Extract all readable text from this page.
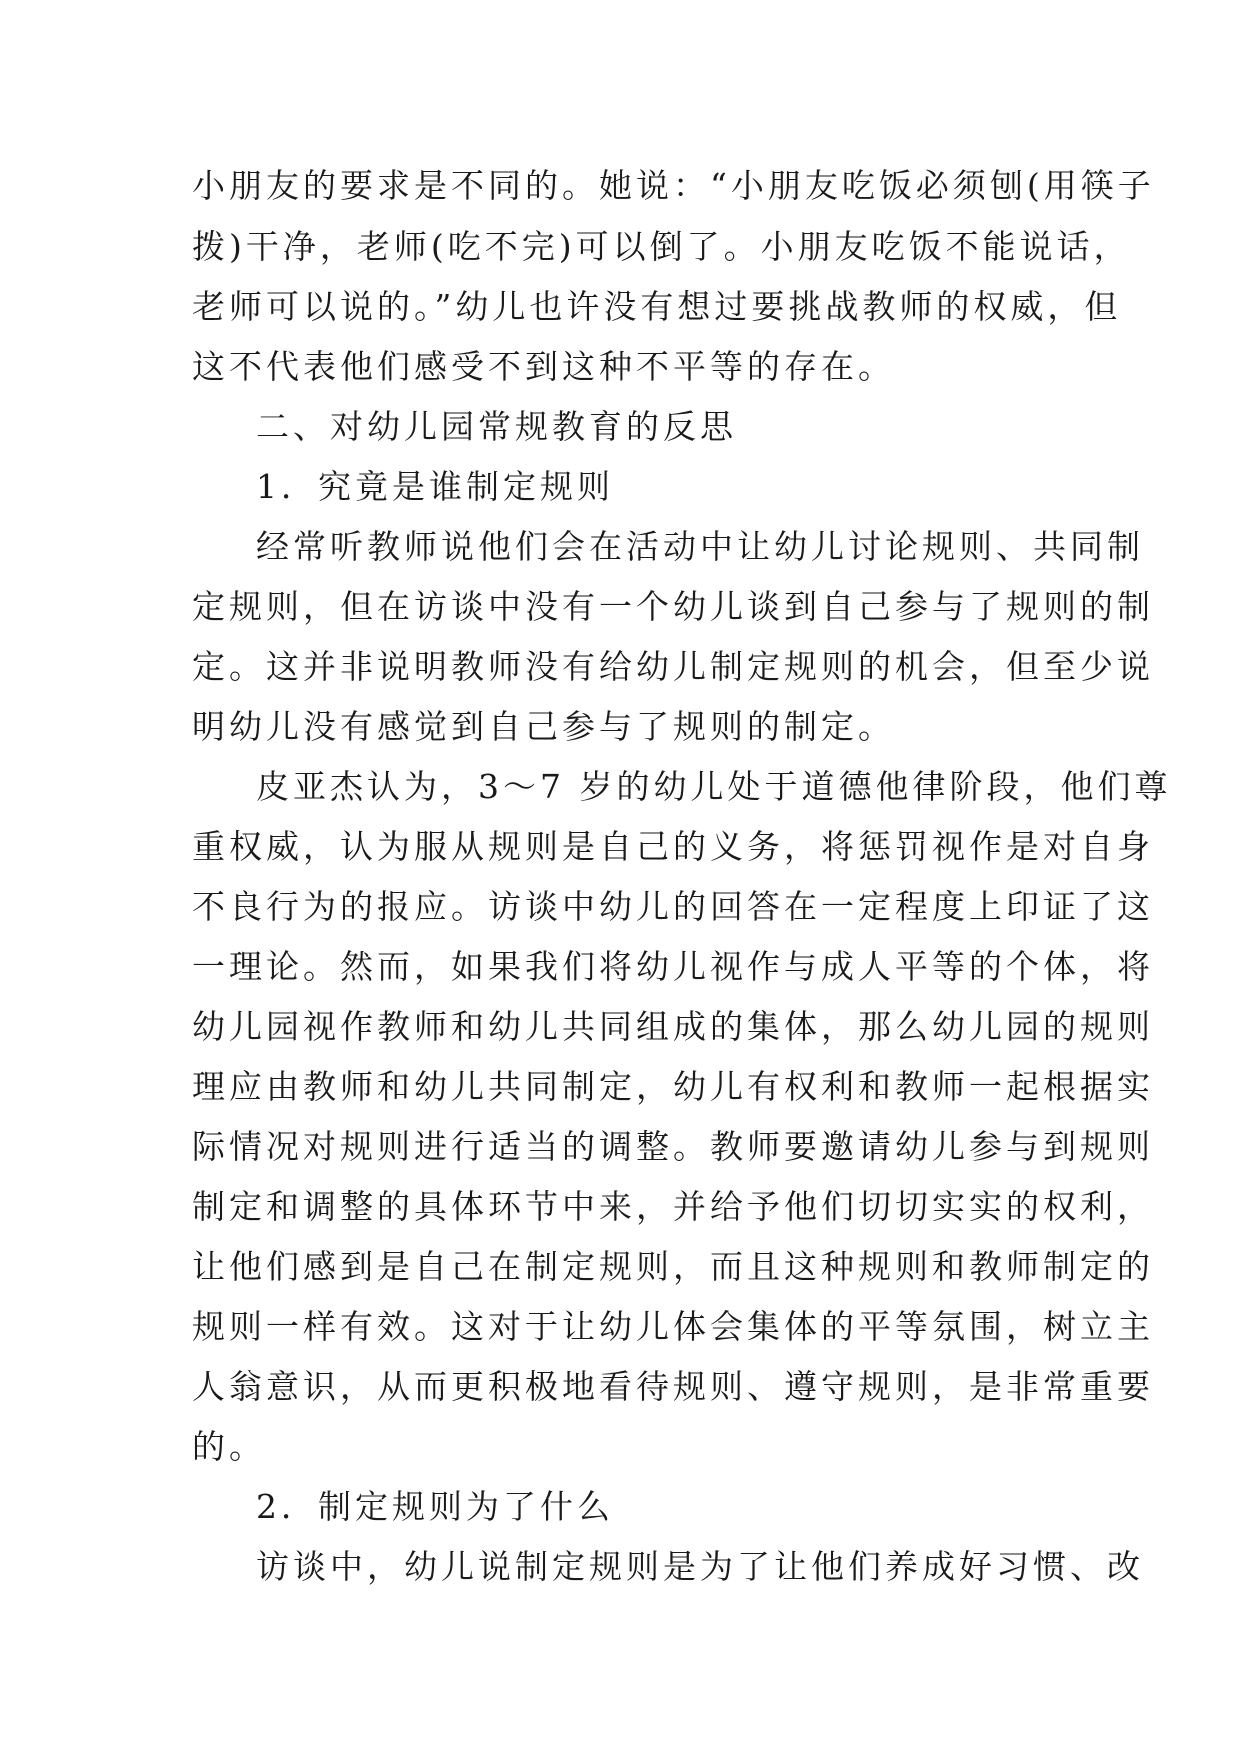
小朋友的要求是不同的。她说：“小朋友吃饭必须刨(用筷子

拨)干净，老师(吃不完)可以倒了。小朋友吃饭不能说话，

老师可以说的。”幼儿也许没有想过要挑战教师的权威，但

这不代表他们感受不到这种不平等的存在。

二、对幼儿园常规教育的反思

1．究竟是谁制定规则

经常听教师说他们会在活动中让幼儿讨论规则、共同制

定规则，但在访谈中没有一个幼儿谈到自己参与了规则的制

定。这并非说明教师没有给幼儿制定规则的机会，但至少说

明幼儿没有感觉到自己参与了规则的制定。

皮亚杰认为，3～7 岁的幼儿处于道德他律阶段，他们尊

重权威，认为服从规则是自己的义务，将惩罚视作是对自身

不良行为的报应。访谈中幼儿的回答在一定程度上印证了这

一理论。然而，如果我们将幼儿视作与成人平等的个体，将

幼儿园视作教师和幼儿共同组成的集体，那么幼儿园的规则

理应由教师和幼儿共同制定，幼儿有权利和教师一起根据实

际情况对规则进行适当的调整。教师要邀请幼儿参与到规则

制定和调整的具体环节中来，并给予他们切切实实的权利，

让他们感到是自己在制定规则，而且这种规则和教师制定的

规则一样有效。这对于让幼儿体会集体的平等氛围，树立主

人翁意识，从而更积极地看待规则、遵守规则，是非常重要

的。

2．制定规则为了什么

访谈中，幼儿说制定规则是为了让他们养成好习惯、改
